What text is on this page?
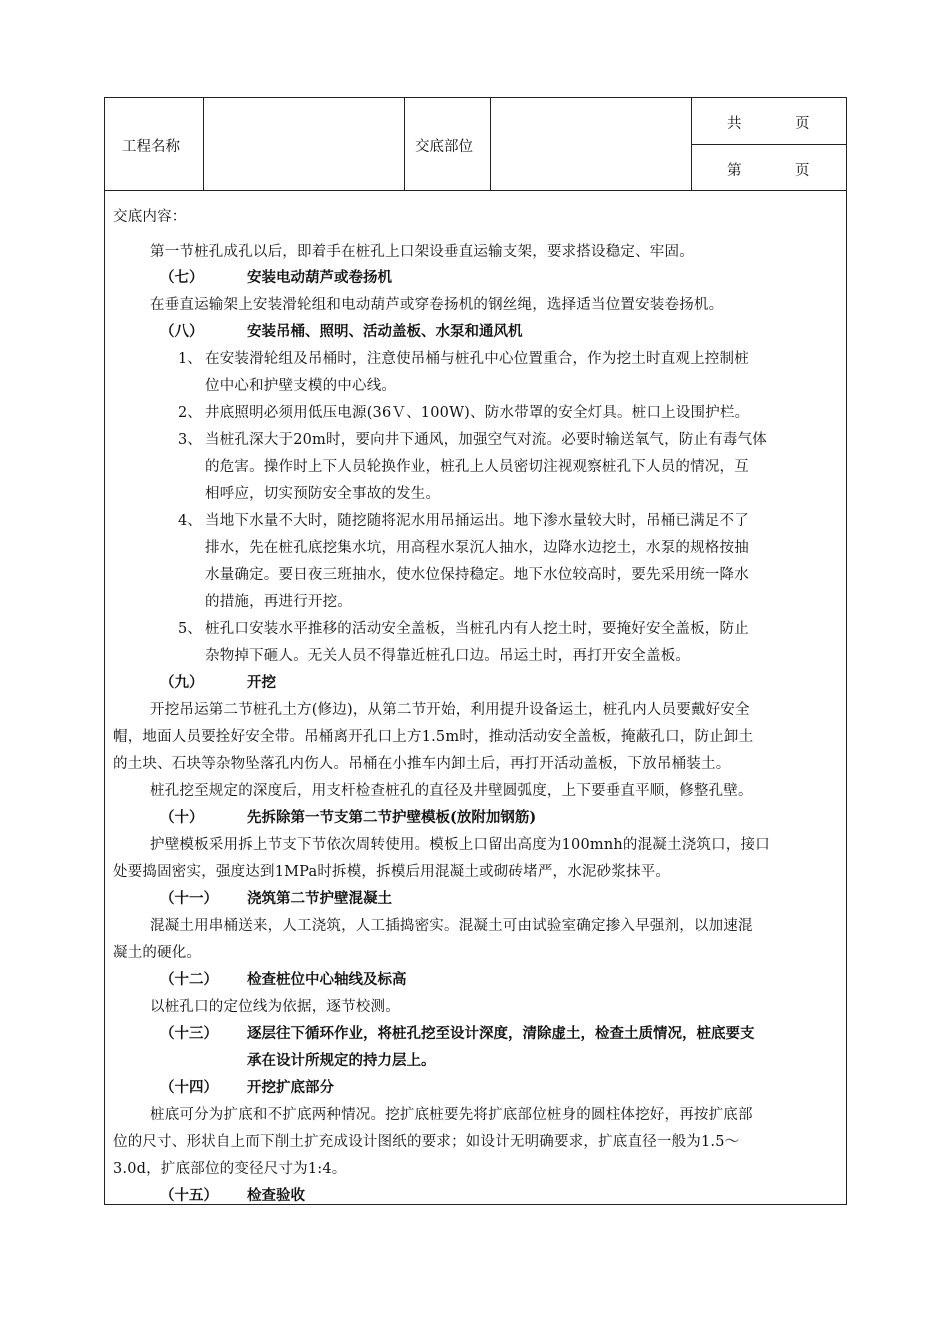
工程名称	交底部位
共	页
第	页
交底内容：
第一节桩孔成孔以后，即着手在桩孔上口架设垂直运输支架，要求搭设稳定、牢固。
（七）	安装电动葫芦或卷扬机
在垂直运输架上安装滑轮组和电动葫芦或穿卷扬机的钢丝绳，选择适当位置安装卷扬机。
（八）	安装吊桶、照明、活动盖板、水泵和通风机
1、 在安装滑轮组及吊桶时，注意使吊桶与桩孔中心位置重合，作为挖土时直观上控制桩
位中心和护壁支模的中心线。
2、 井底照明必须用低压电源(36Ｖ、100W)、防水带罩的安全灯具。桩口上设围护栏。
3、 当桩孔深大于20m时，要向井下通风，加强空气对流。必要时输送氧气，防止有毒气体
的危害。操作时上下人员轮换作业，桩孔上人员密切注视观察桩孔下人员的情况，互
相呼应，切实预防安全事故的发生。
4、 当地下水量不大时，随挖随将泥水用吊捅运出。地下渗水量较大时，吊桶已满足不了
排水，先在桩孔底挖集水坑，用高程水泵沉人抽水，边降水边挖土，水泵的规格按抽
水量确定。要日夜三班抽水，使水位保持稳定。地下水位较高时，要先采用统一降水
的措施，再进行开挖。
5、 桩孔口安装水平推移的活动安全盖板，当桩孔内有人挖土时，要掩好安全盖板，防止
杂物掉下砸人。无关人员不得靠近桩孔口边。吊运土时，再打开安全盖板。
（九）	开挖
开挖吊运第二节桩孔土方(修边)，从第二节开始，利用提升设备运土，桩孔内人员要戴好安全
帽，地面人员要拴好安全带。吊桶离开孔口上方1.5m时，推动活动安全盖板，掩蔽孔口，防止卸土
的土块、石块等杂物坠落孔内伤人。吊桶在小推车内卸土后，再打开活动盖板，下放吊桶装土。
桩孔挖至规定的深度后，用支杆检查桩孔的直径及井壁圆弧度，上下要垂直平顺，修整孔壁。
（十）	先拆除第一节支第二节护壁模板(放附加钢筋)
护壁模板采用拆上节支下节依次周转使用。模板上口留出高度为100mnh的混凝土浇筑口，接口
处要捣固密实，强度达到1MPa时拆模，拆模后用混凝土或砌砖堵严，水泥砂浆抹平。
（十一） 浇筑第二节护壁混凝土
混凝土用串桶送来，人工浇筑，人工插捣密实。混凝土可由试验室确定掺入早强剂，以加速混
凝土的硬化。
（十二） 检查桩位中心轴线及标高
以桩孔口的定位线为依据，逐节校测。
（十三） 逐层往下循环作业，将桩孔挖至设计深度，清除虚土，检查土质情况，桩底要支
承在设计所规定的持力层上。
（十四） 开挖扩底部分
桩底可分为扩底和不扩底两种情况。挖扩底桩要先将扩底部位桩身的圆柱体挖好，再按扩底部
位的尺寸、形状自上而下削土扩充成设计图纸的要求；如设计无明确要求，扩底直径一般为1.5～
3.0d，扩底部位的变径尺寸为1:4。
（十五） 检查验收
